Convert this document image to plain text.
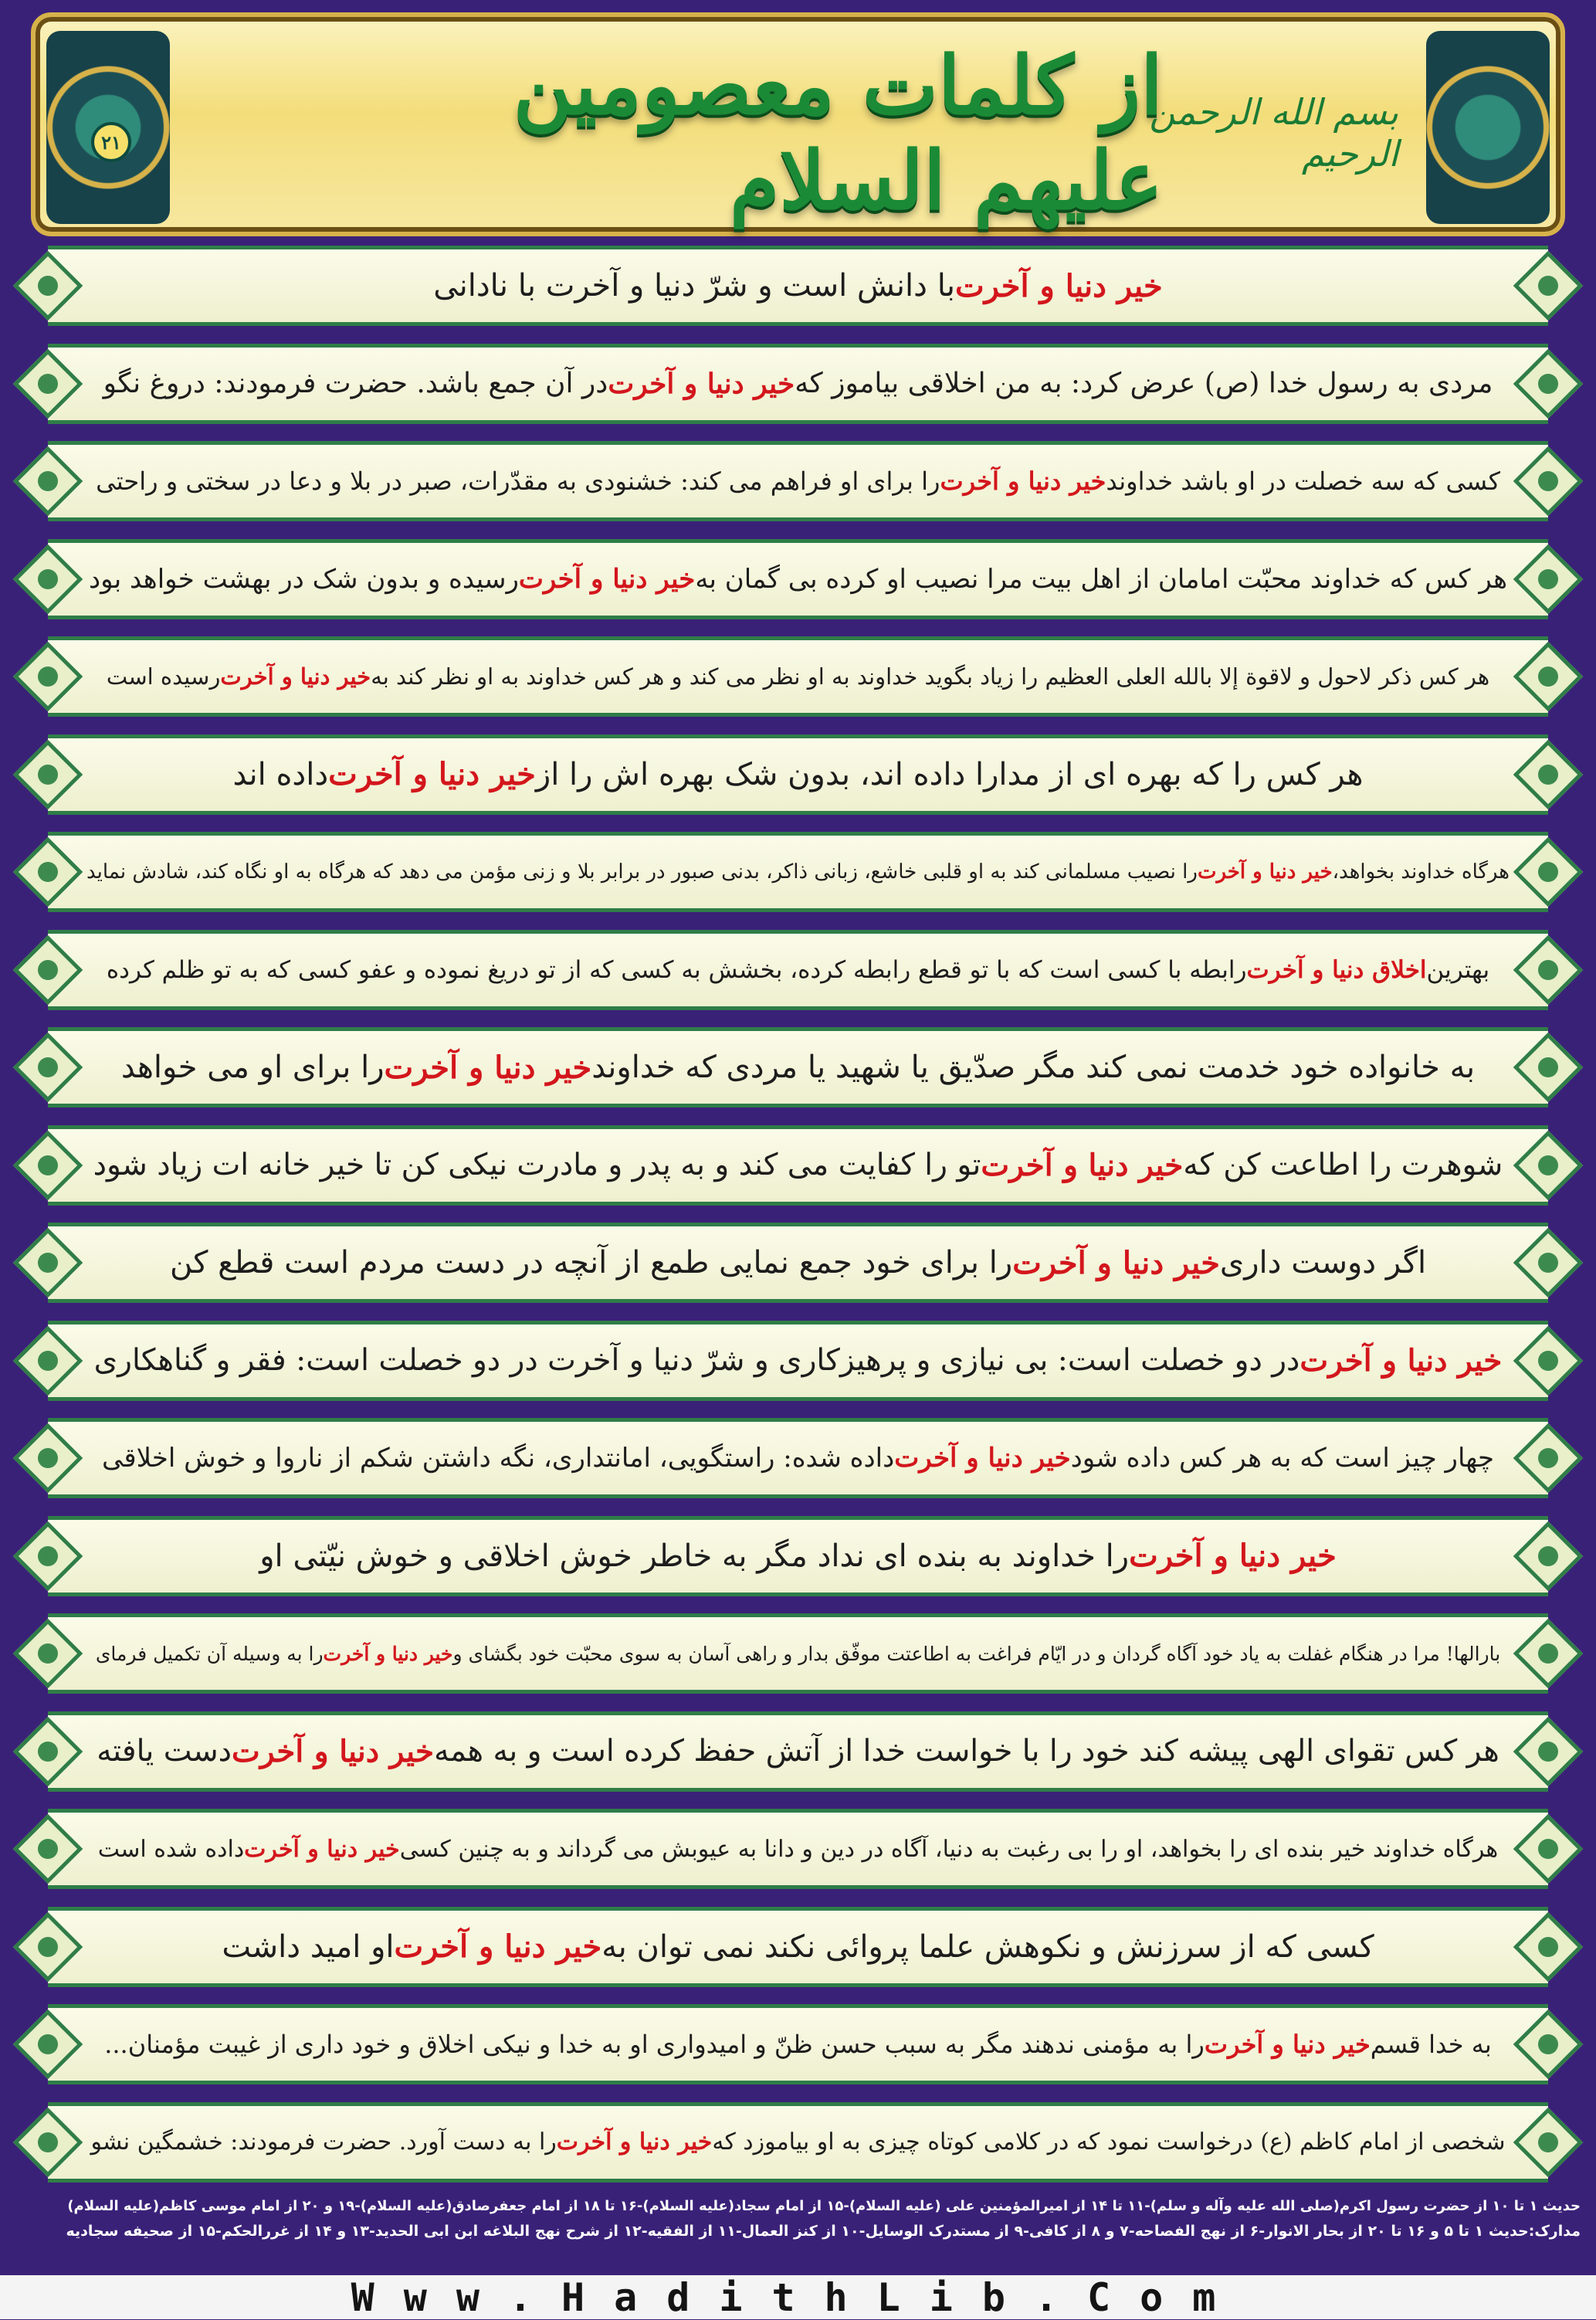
۲۱
از کلمات معصومین علیهم السلام
بسم الله الرحمن الرحیم
خیر دنیا و آخرت
با دانش است و شرّ دنیا و آخرت با نادانی
مردی به رسول خدا (ص) عرض کرد: به من اخلاقی بیاموز که
خیر دنیا و آخرت
در آن جمع باشد. حضرت فرمودند: دروغ نگو
کسی که سه خصلت در او باشد خداوند
خیر دنیا و آخرت
را برای او فراهم می کند: خشنودی به مقدّرات، صبر در بلا و دعا در سختی و راحتی
هر کس که خداوند محبّت امامان از اهل بیت مرا نصیب او کرده بی گمان به
خیر دنیا و آخرت
رسیده و بدون شک در بهشت خواهد بود
هر کس ذکر لاحول و لاقوة إلا بالله العلی العظیم را زیاد بگوید خداوند به او نظر می کند و هر کس خداوند به او نظر کند به
خیر دنیا و آخرت
رسیده است
هر کس را که بهره ای از مدارا داده اند، بدون شک بهره اش را از
خیر دنیا و آخرت
داده اند
هرگاه خداوند بخواهد،
خیر دنیا و آخرت
را نصیب مسلمانی کند به او قلبی خاشع، زبانی ذاکر، بدنی صبور در برابر بلا و زنی مؤمن می دهد که هرگاه به او نگاه کند، شادش نماید
بهترین
اخلاق دنیا و آخرت
رابطه با کسی است که با تو قطع رابطه کرده، بخشش به کسی که از تو دریغ نموده و عفو کسی که به تو ظلم کرده
به خانواده خود خدمت نمی کند مگر صدّیق یا شهید یا مردی که خداوند
خیر دنیا و آخرت
را برای او می خواهد
شوهرت را اطاعت کن که
خیر دنیا و آخرت
تو را کفایت می کند و به پدر و مادرت نیکی کن تا خیر خانه ات زیاد شود
اگر دوست داری
خیر دنیا و آخرت
را برای خود جمع نمایی طمع از آنچه در دست مردم است قطع کن
خیر دنیا و آخرت
در دو خصلت است: بی نیازی و پرهیزکاری و شرّ دنیا و آخرت در دو خصلت است: فقر و گناهکاری
چهار چیز است که به هر کس داده شود
خیر دنیا و آخرت
داده شده: راستگویی، امانتداری، نگه داشتن شکم از ناروا و خوش اخلاقی
خیر دنیا و آخرت
را خداوند به بنده ای نداد مگر به خاطر خوش اخلاقی و خوش نیّتی او
بارالها! مرا در هنگام غفلت به یاد خود آگاه گردان و در ایّام فراغت به اطاعتت موفّق بدار و راهی آسان به سوی محبّت خود بگشای و
خیر دنیا و آخرت
را به وسیله آن تکمیل فرمای
هر کس تقوای الهی پیشه کند خود را با خواست خدا از آتش حفظ کرده است و به همه
خیر دنیا و آخرت
دست یافته
هرگاه خداوند خیر بنده ای را بخواهد، او را بی رغبت به دنیا، آگاه در دین و دانا به عیوبش می گرداند و به چنین کسی
خیر دنیا و آخرت
داده شده است
کسی که از سرزنش و نکوهش علما پروائی نکند نمی توان به
خیر دنیا و آخرت
او امید داشت
به خدا قسم
خیر دنیا و آخرت
را به مؤمنی ندهند مگر به سبب حسن ظنّ و امیدواری او به خدا و نیکی اخلاق و خود داری از غیبت مؤمنان...
شخصی از امام کاظم (ع) درخواست نمود که در کلامی کوتاه چیزی به او بیاموزد که
خیر دنیا و آخرت
را به دست آورد. حضرت فرمودند: خشمگین نشو
حدیث ۱ تا ۱۰ از حضرت رسول اکرم(صلی الله علیه وآله و سلم)-۱۱ تا ۱۴ از امیرالمؤمنین علی (علیه السلام)-۱۵ از امام سجاد(علیه السلام)-۱۶ تا ۱۸ از امام جعفرصادق(علیه السلام)-۱۹ و ۲۰ از امام موسی کاظم(علیه السلام)
مدارک:حدیث ۱ تا ۵ و ۱۶ تا ۲۰ از بحار الانوار-۶ از نهج الفصاحه-۷ و ۸ از کافی-۹ از مستدرک الوسایل-۱۰ از کنز العمال-۱۱ از الفقیه-۱۲ از شرح نهج البلاغه ابن ابی الحدید-۱۳ و ۱۴ از غررالحکم-۱۵ از صحیفه سجادیه
Www.HadithLib.Com
